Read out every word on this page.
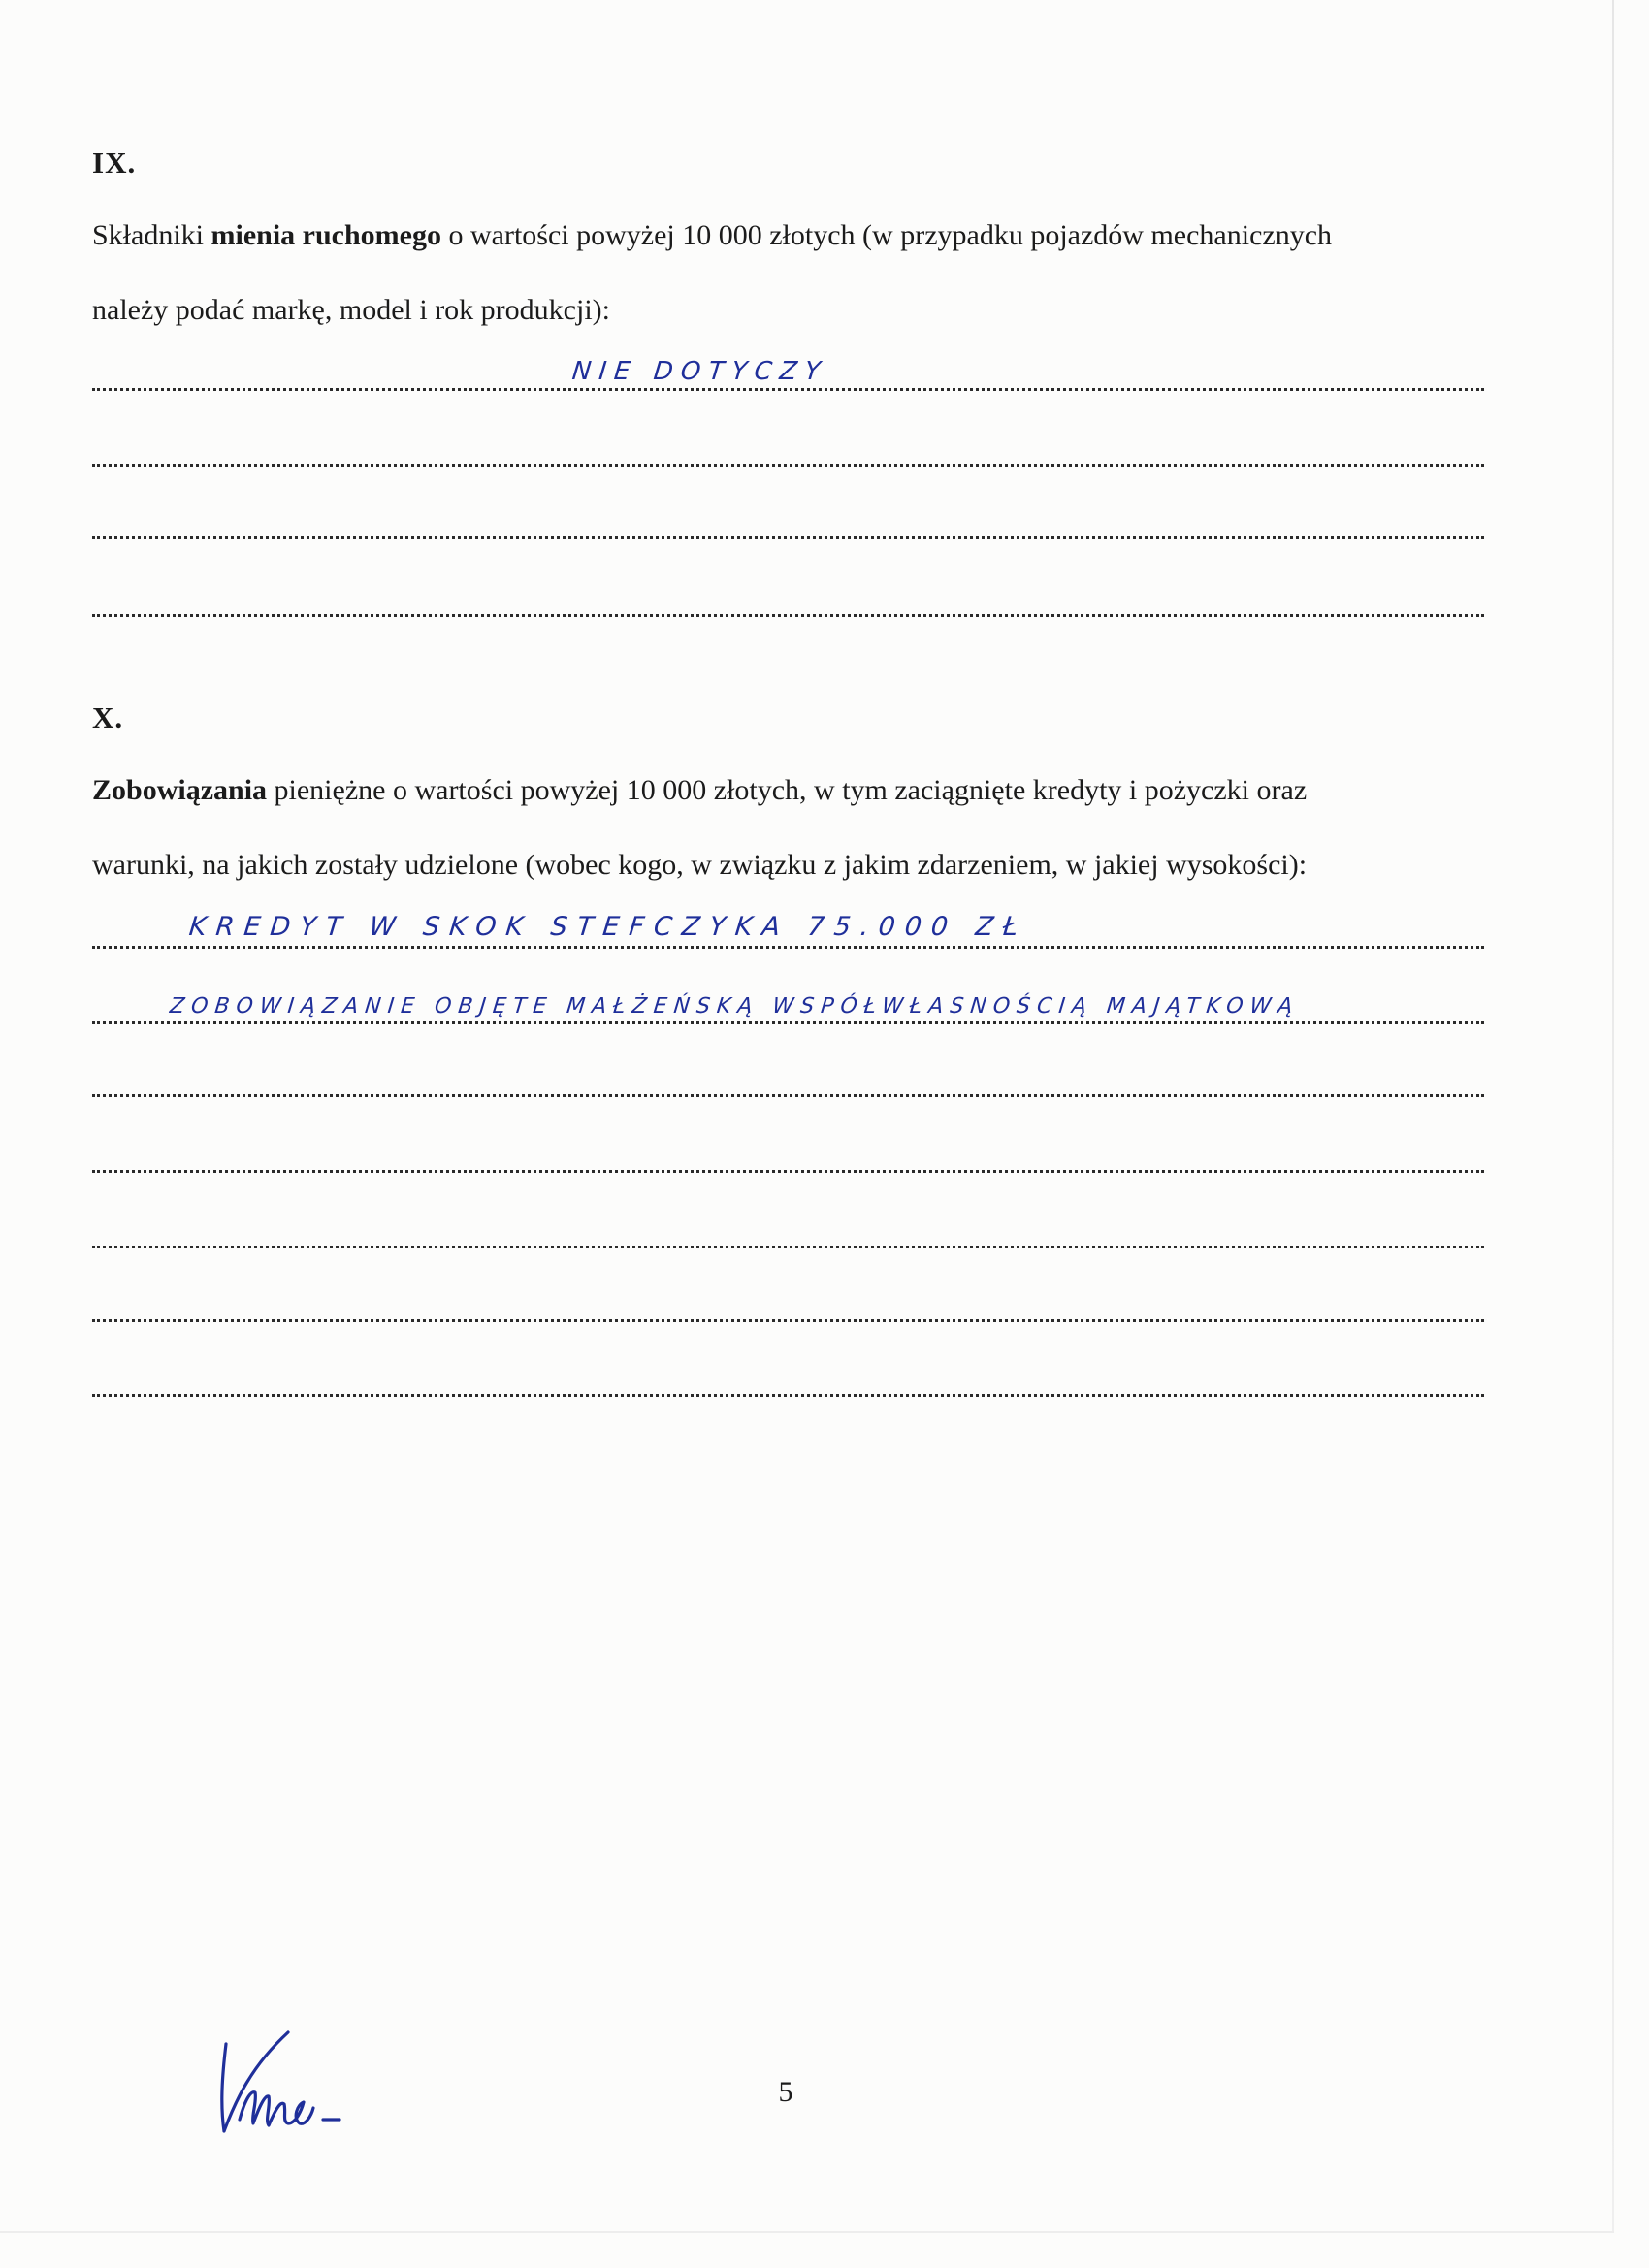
IX.
Składniki mienia ruchomego o wartości powyżej 10 000 złotych (w przypadku pojazdów mechanicznych
należy podać markę, model i rok produkcji):
NIE DOTYCZY
X.
Zobowiązania pieniężne o wartości powyżej 10 000 złotych, w tym zaciągnięte kredyty i pożyczki oraz
warunki, na jakich zostały udzielone (wobec kogo, w związku z jakim zdarzeniem, w jakiej wysokości):
KREDYT W SKOK STEFCZYKA 75.000 ZŁ
ZOBOWIĄZANIE OBJĘTE MAŁŻEŃSKĄ WSPÓŁWŁASNOŚCIĄ MAJĄTKOWĄ
5
